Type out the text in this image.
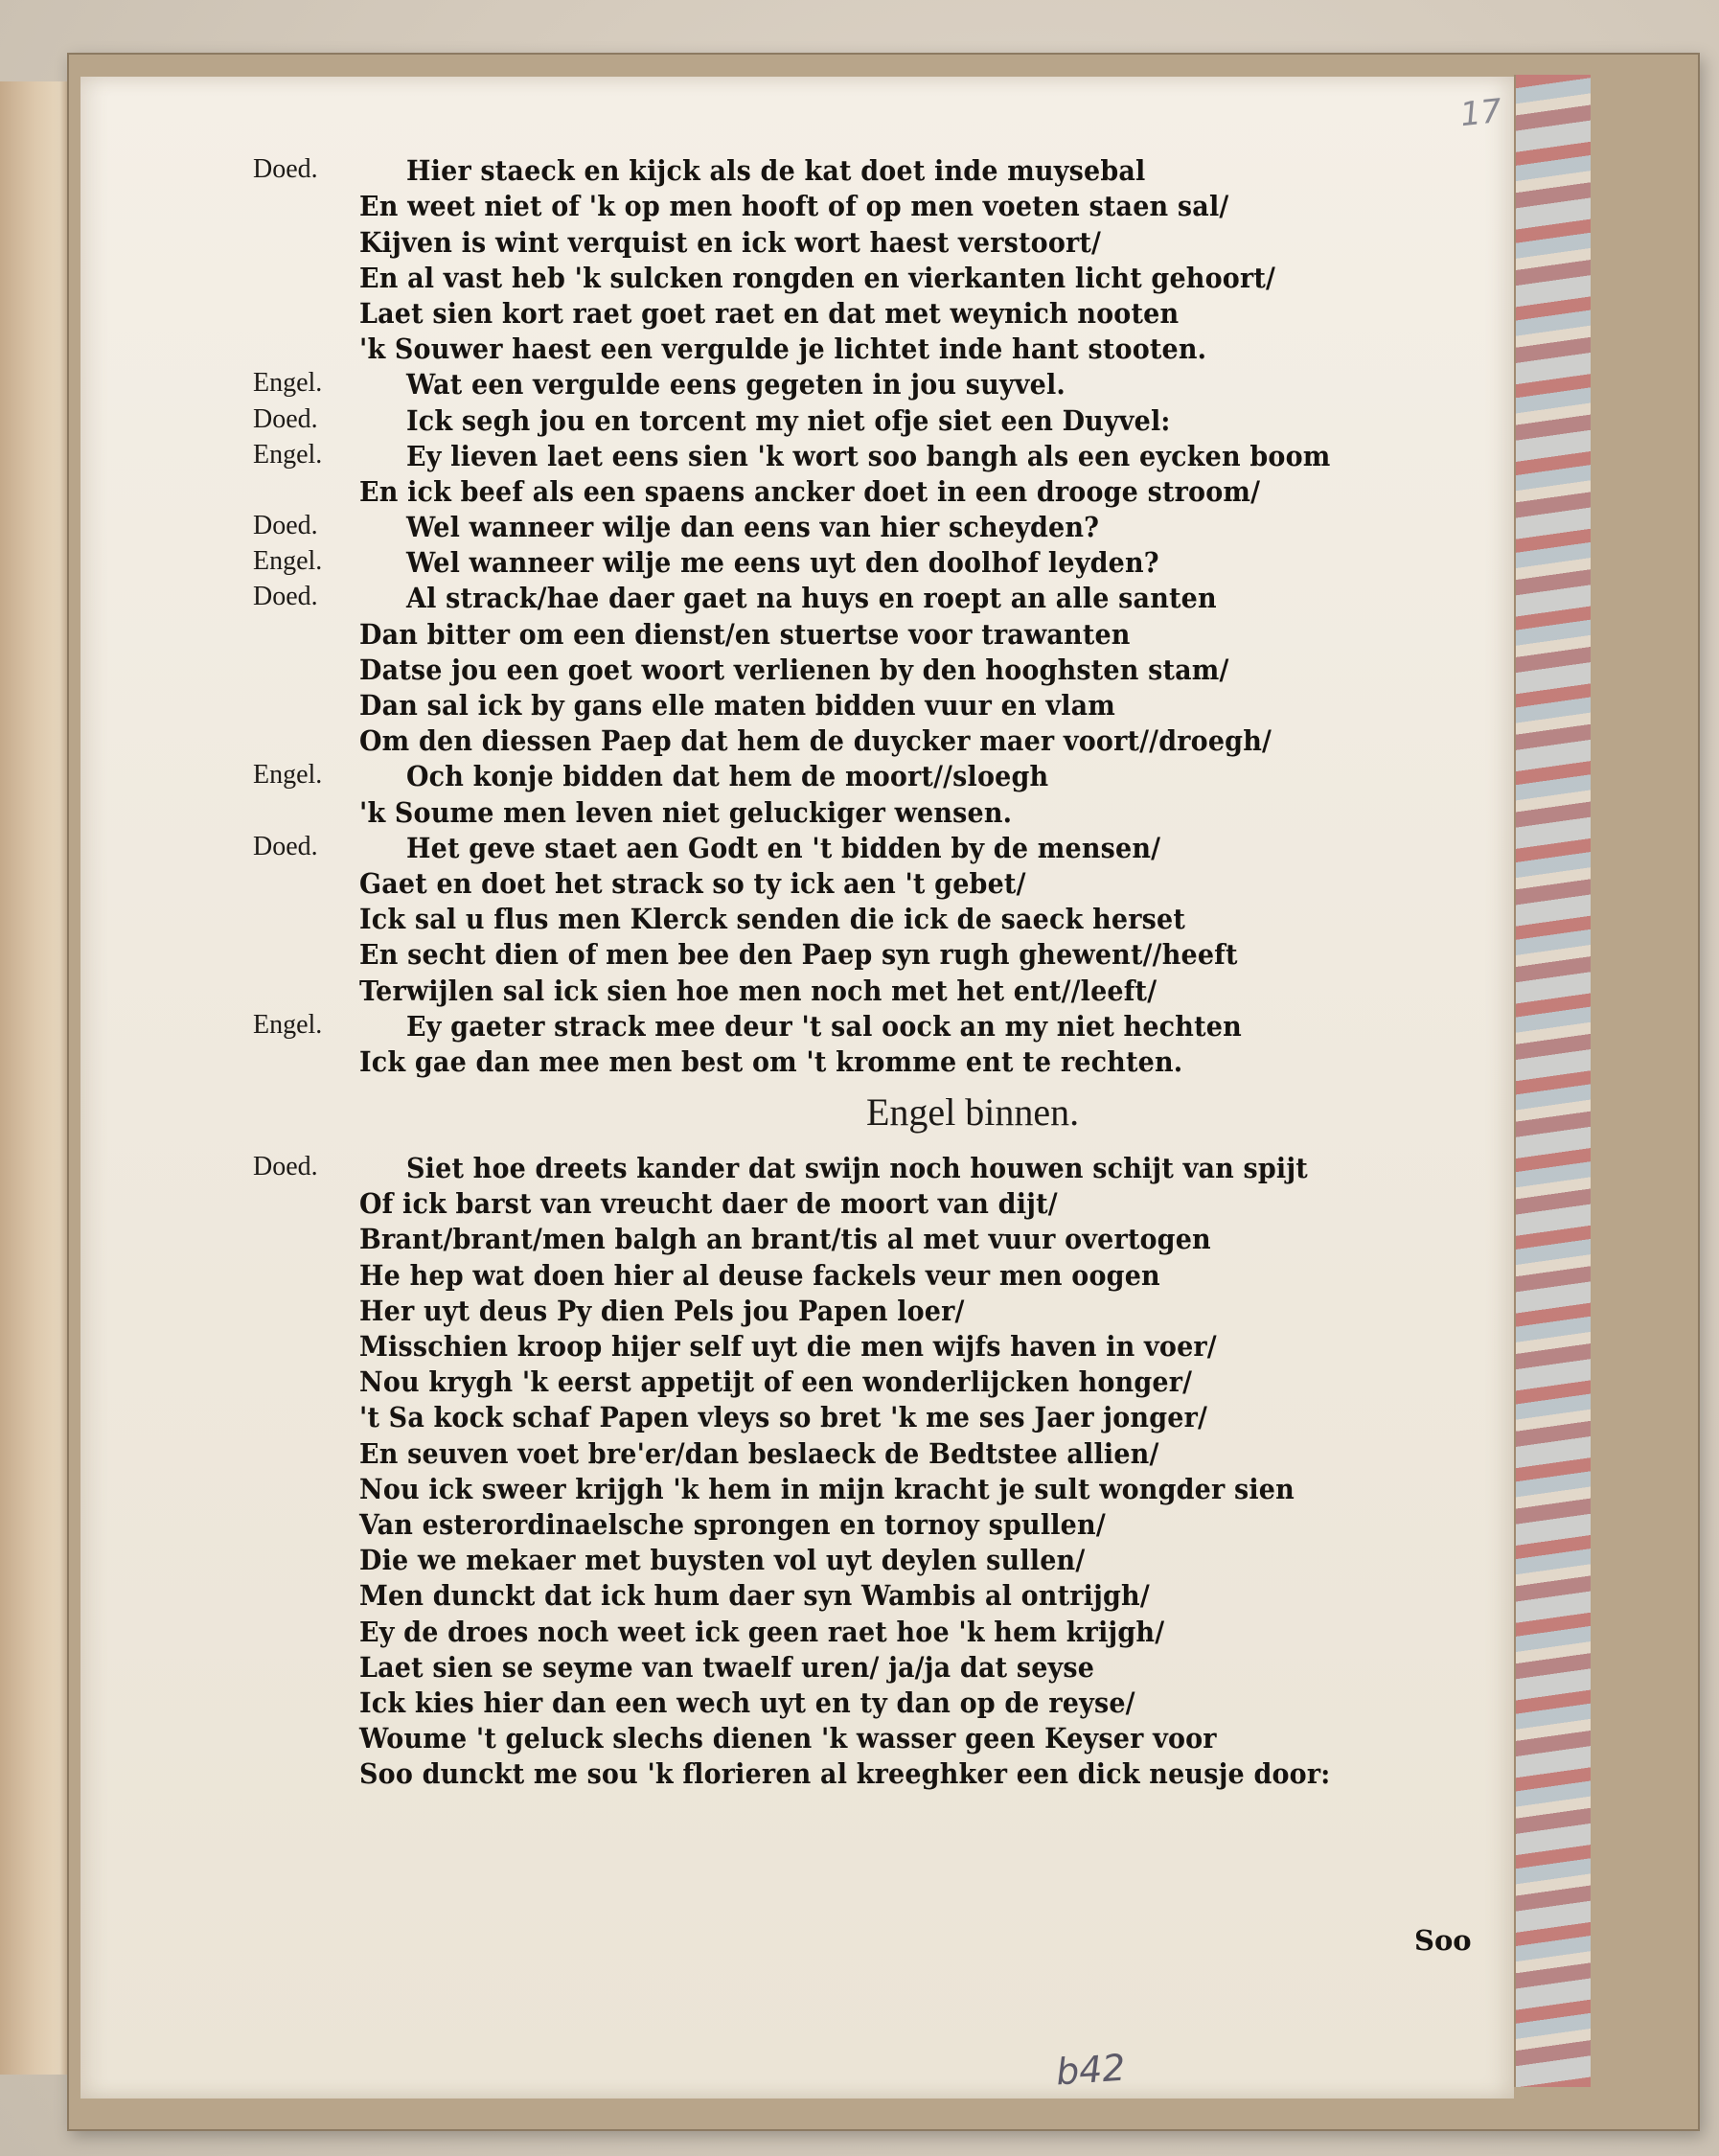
17
Doed.	Hier staeck en kijck als de kat doet inde muysebal
En weet niet of 'k op men hooft of op men voeten staen sal/
Kijven is wint verquist en ick wort haest verstoort/
En al vast heb 'k sulcken rongden en vierkanten licht gehoort/
Laet sien kort raet goet raet en dat met weynich nooten
'k Souwer haest een vergulde je lichtet inde hant stooten.
Engel.	Wat een vergulde eens gegeten in jou suyvel.
Doed.	Ick segh jou en torcent my niet ofje siet een Duyvel:
Engel.	Ey lieven laet eens sien 'k wort soo bangh als een eycken boom
En ick beef als een spaens ancker doet in een drooge stroom/
Doed.	Wel wanneer wilje dan eens van hier scheyden?
Engel.	Wel wanneer wilje me eens uyt den doolhof leyden?
Doed.	Al strack/hae daer gaet na huys en roept an alle santen
Dan bitter om een dienst/en stuertse voor trawanten
Datse jou een goet woort verlienen by den hooghsten stam/
Dan sal ick by gans elle maten bidden vuur en vlam
Om den diessen Paep dat hem de duycker maer voort//droegh/
Engel.	Och konje bidden dat hem de moort//sloegh
'k Soume men leven niet geluckiger wensen.
Doed.	Het geve staet aen Godt en 't bidden by de mensen/
Gaet en doet het strack so ty ick aen 't gebet/
Ick sal u flus men Klerck senden die ick de saeck herset
En secht dien of men bee den Paep syn rugh ghewent//heeft
Terwijlen sal ick sien hoe men noch met het ent//leeft/
Engel.	Ey gaeter strack mee deur 't sal oock an my niet hechten
Ick gae dan mee men best om 't kromme ent te rechten.
Engel binnen.
Doed.	Siet hoe dreets kander dat swijn noch houwen schijt van spijt
Of ick barst van vreucht daer de moort van dijt/
Brant/brant/men balgh an brant/tis al met vuur overtogen
He hep wat doen hier al deuse fackels veur men oogen
Her uyt deus Py dien Pels jou Papen loer/
Misschien kroop hijer self uyt die men wijfs haven in voer/
Nou krygh 'k eerst appetijt of een wonderlijcken honger/
't Sa kock schaf Papen vleys so bret 'k me ses Jaer jonger/
En seuven voet bre'er/dan beslaeck de Bedtstee allien/
Nou ick sweer krijgh 'k hem in mijn kracht je sult wongder sien
Van esterordinaelsche sprongen en tornoy spullen/
Die we mekaer met buysten vol uyt deylen sullen/
Men dunckt dat ick hum daer syn Wambis al ontrijgh/
Ey de droes noch weet ick geen raet hoe 'k hem krijgh/
Laet sien se seyme van twaelf uren/ ja/ja dat seyse
Ick kies hier dan een wech uyt en ty dan op de reyse/
Woume 't geluck slechs dienen 'k wasser geen Keyser voor
Soo dunckt me sou 'k florieren al kreeghker een dick neusje door:
Soo
b42
